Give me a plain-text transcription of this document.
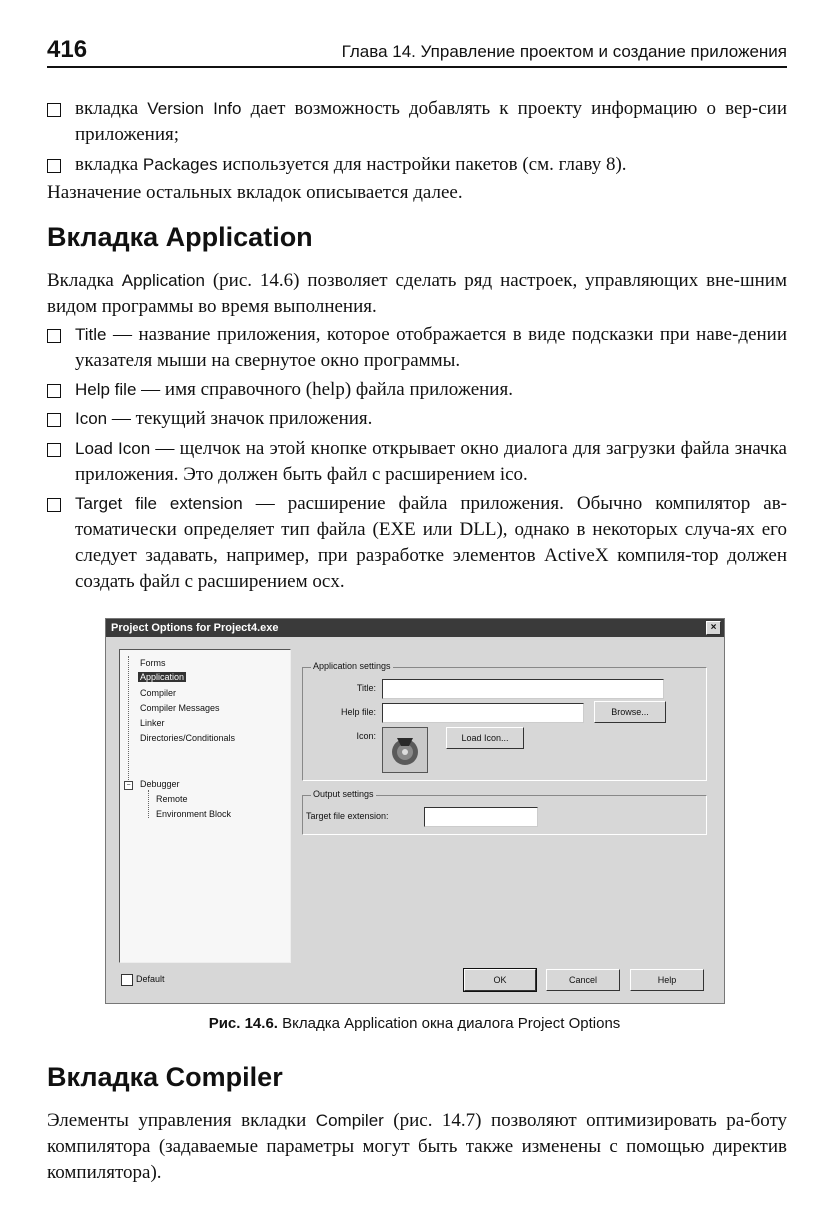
416	Глава 14. Управление проектом и создание приложения
вкладка Version Info дает возможность добавлять к проекту информацию о вер-сии приложения;
вкладка Packages используется для настройки пакетов (см. главу 8).
Назначение остальных вкладок описывается далее.
Вкладка Application
Вкладка Application (рис. 14.6) позволяет сделать ряд настроек, управляющих вне-шним видом программы во время выполнения.
Title — название приложения, которое отображается в виде подсказки при наве-дении указателя мыши на свернутое окно программы.
Help file — имя справочного (help) файла приложения.
Icon — текущий значок приложения.
Load Icon — щелчок на этой кнопке открывает окно диалога для загрузки файла значка приложения. Это должен быть файл с расширением ico.
Target file extension — расширение файла приложения. Обычно компилятор ав-томатически определяет тип файла (EXE или DLL), однако в некоторых случа-ях его следует задавать, например, при разработке элементов ActiveX компиля-тор должен создать файл с расширением ocx.
Project Options for Project4.exe	×
Forms
Application
Compiler
Compiler Messages
Linker
Directories/Conditionals
− Debugger
Remote
Environment Block
Application settings
Title:
Help file:	Browse...
Icon:	Load Icon...
Output settings
Target file extension:
Default	OK	Cancel	Help
Рис. 14.6. Вкладка Application окна диалога Project Options
Вкладка Compiler
Элементы управления вкладки Compiler (рис. 14.7) позволяют оптимизировать ра-боту компилятора (задаваемые параметры могут быть также изменены с помощью директив компилятора).
